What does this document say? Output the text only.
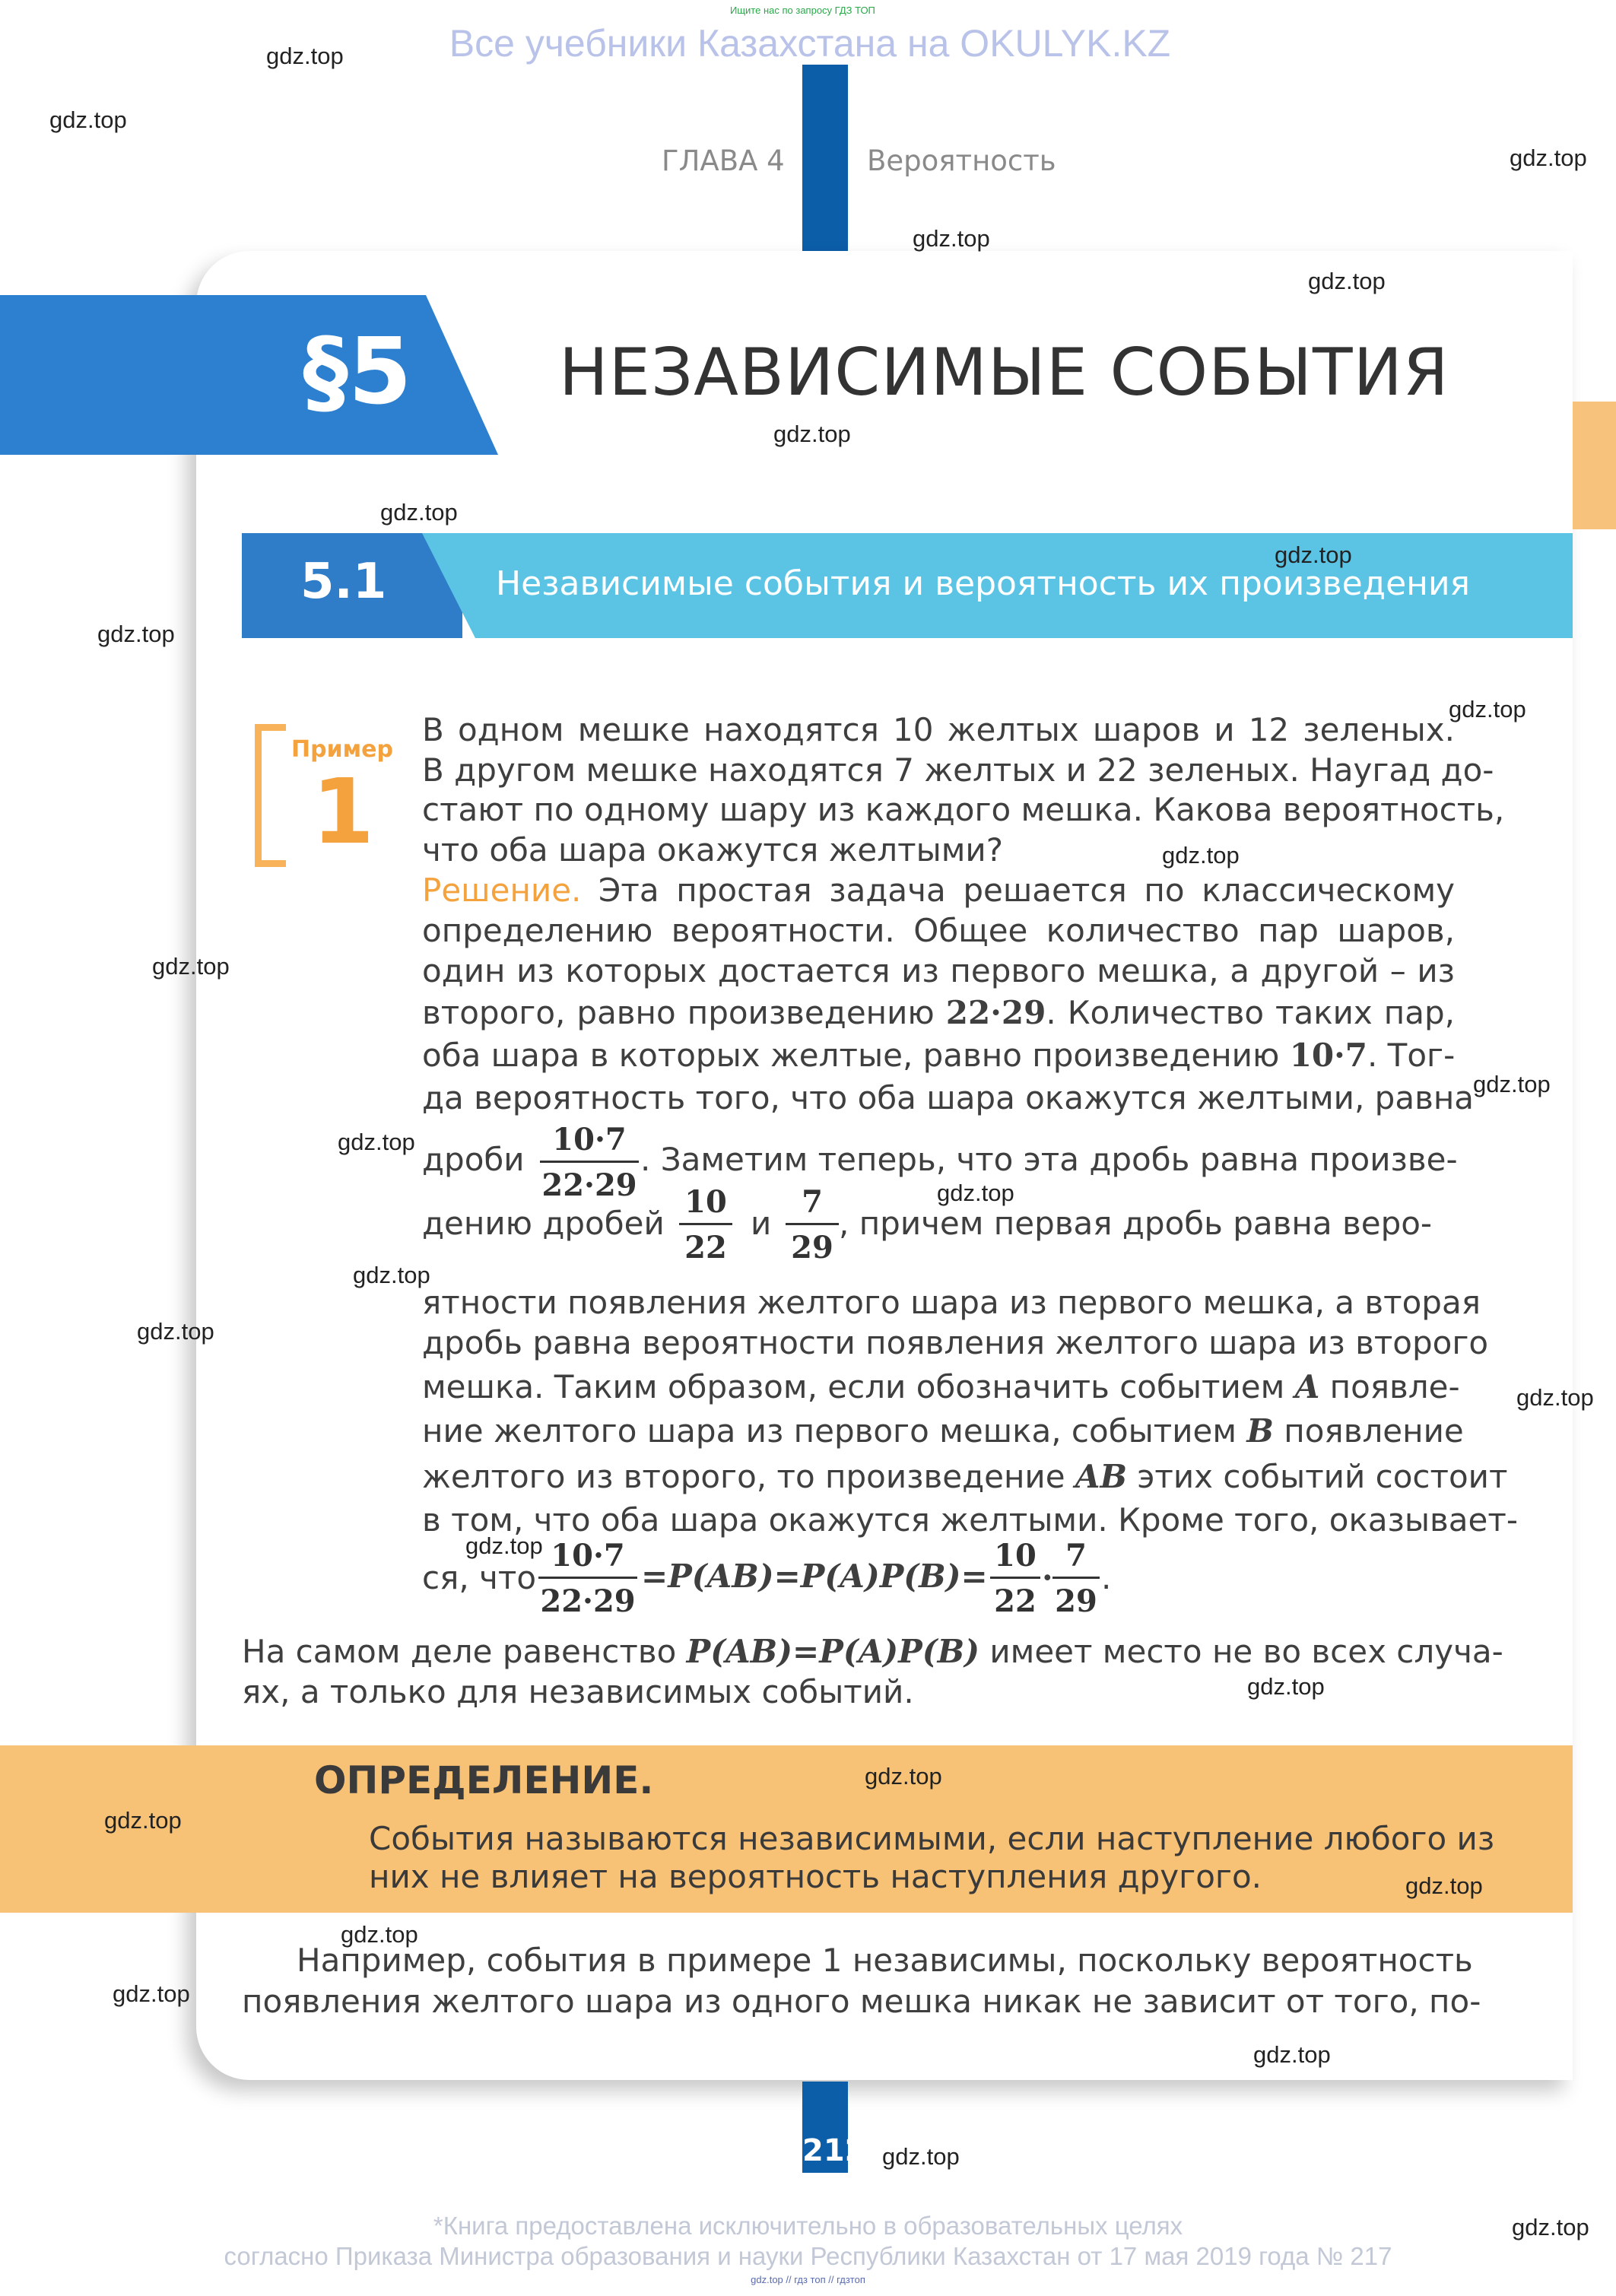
Ищите нас по запросу ГДЗ ТОП
Все учебники Казахстана на OKULYK.KZ
ГЛАВА 4	Вероятность
§5 НЕЗАВИСИМЫЕ СОБЫТИЯ
5.1	Независимые события и вероятность их произведения
Пример
1
В одном мешке находятся 10 желтых шаров и 12 зеленых.
В другом мешке находятся 7 желтых и 22 зеленых. Наугад до-
стают по одному шару из каждого мешка. Какова вероятность,
что оба шара окажутся желтыми?
Решение. Эта простая задача решается по классическому
определению вероятности. Общее количество пар шаров,
один из которых достается из первого мешка, а другой – из
второго, равно произведению 22·29. Количество таких пар,
оба шара в которых желтые, равно произведению 10·7. Тог-
да вероятность того, что оба шара окажутся желтыми, равна
дроби $\frac{10\cdot 7}{22\cdot 29}$ . Заметим теперь, что эта дробь равна произве-
дению дробей $\frac{10}{22}$ и $\frac{7}{29}$ , причем первая дробь равна веро-
ятности появления желтого шара из первого мешка, а вторая
дробь равна вероятности появления желтого шара из второго
мешка. Таким образом, если обозначить событием A появле-
ние желтого шара из первого мешка, событием B появление
желтого из второго, то произведение AB этих событий состоит
в том, что оба шара окажутся желтыми. Кроме того, оказывает-
ся, что $\frac{10\cdot 7}{22\cdot 29} =P(AB)=P(A)P(B)= \frac{10}{22} \cdot \frac{7}{29}$ .
На самом деле равенство P(AB)=P(A)P(B) имеет место не во всех случа-
ях, а только для независимых событий.
ОПРЕДЕЛЕНИЕ.
События называются независимыми, если наступление любого из
них не влияет на вероятность наступления другого.
Например, события в примере 1 независимы, поскольку вероятность
появления желтого шара из одного мешка никак не зависит от того, по-
212
*Книга предоставлена исключительно в образовательных целях
согласно Приказа Министра образования и науки Республики Казахстан от 17 мая 2019 года № 217
gdz.top // гдз топ // гдзтоп
gdz.top
gdz.top
gdz.top
gdz.top
gdz.top
gdz.top
gdz.top
gdz.top
gdz.top
gdz.top
gdz.top
gdz.top
gdz.top
gdz.top
gdz.top
gdz.top
gdz.top
gdz.top
gdz.top
gdz.top
gdz.top
gdz.top
gdz.top
gdz.top
gdz.top
gdz.top
gdz.top
gdz.top
